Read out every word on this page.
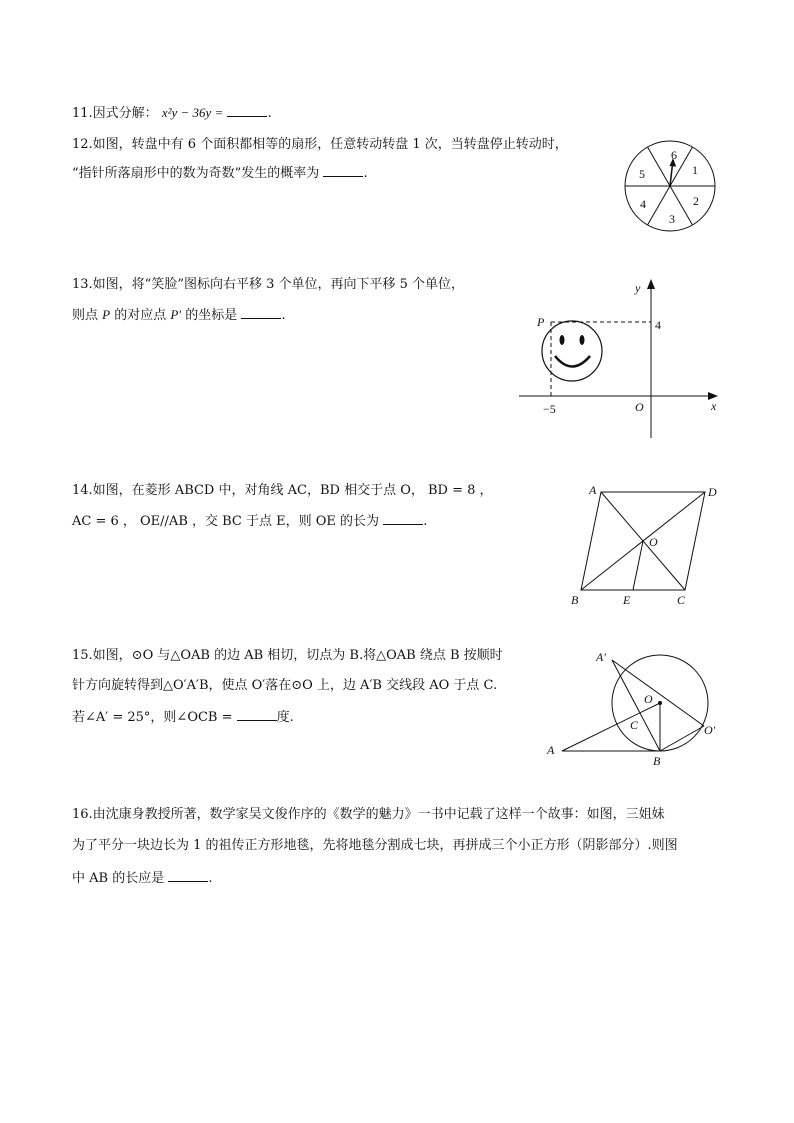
11.因式分解： x²y − 36y =	.
12.如图，转盘中有 6 个面积都相等的扇形，任意转动转盘 1 次，当转盘停止转动时，
“指针所落扇形中的数为奇数”发生的概率为	.
6
1
2
3
4
5
13.如图，将“笑脸”图标向右平移 3 个单位，再向下平移 5 个单位，
则点 P 的对应点 P′ 的坐标是	.
y
x
O
4
−5
P
14.如图，在菱形 ABCD 中，对角线 AC，BD 相交于点 O， BD = 8 ，
AC = 6 ， OE//AB ，交 BC 于点 E，则 OE 的长为	.
A	D
O
B	E	C
15.如图，⊙O 与△OAB 的边 AB 相切，切点为 B.将△OAB 绕点 B 按顺时
针方向旋转得到△O′A′B，使点 O′落在⊙O 上，边 A′B 交线段 AO 于点 C.
若∠A′ = 25°，则∠OCB =	度.
A′
O
C	O′
A
B
16.由沈康身教授所著，数学家吴文俊作序的《数学的魅力》一书中记载了这样一个故事：如图，三姐妹
为了平分一块边长为 1 的祖传正方形地毯，先将地毯分割成七块，再拼成三个小正方形（阴影部分）.则图
中 AB 的长应是	.
